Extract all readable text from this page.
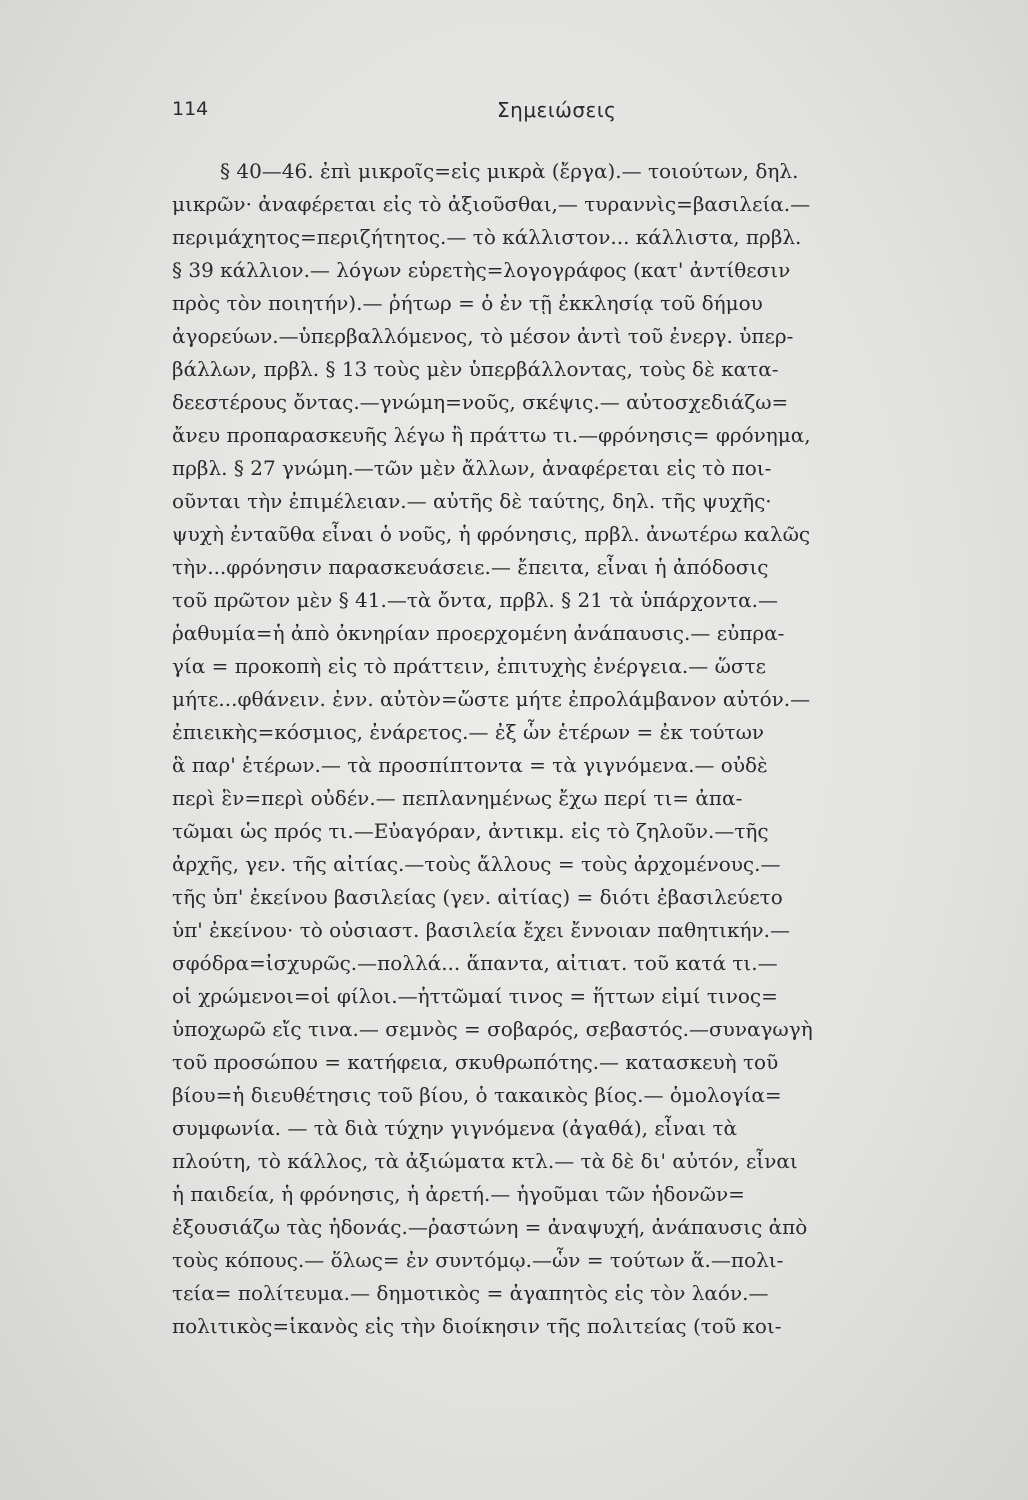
114	Σημειώσεις
§ 40—46. ἐπὶ μικροῖς=εἰς μικρὰ (ἔργα).— τοιούτων, δηλ.
μικρῶν· ἀναφέρεται εἰς τὸ ἀξιοῦσθαι,— τυραννὶς=βασιλεία.—
περιμάχητος=περιζήτητος.— τὸ κάλλιστον... κάλλιστα, πρβλ.
§ 39 κάλλιον.— λόγων εὑρετὴς=λογογράφος (κατ' ἀντίθεσιν
πρὸς τὸν ποιητήν).— ῥήτωρ = ὁ ἐν τῇ ἐκκλησίᾳ τοῦ δήμου
ἀγορεύων.—ὑπερβαλλόμενος, τὸ μέσον ἀντὶ τοῦ ἐνεργ. ὑπερ-
βάλλων, πρβλ. § 13 τοὺς μὲν ὑπερβάλλοντας, τοὺς δὲ κατα-
δεεστέρους ὄντας.—γνώμη=νοῦς, σκέψις.— αὐτοσχεδιάζω=
ἄνευ προπαρασκευῆς λέγω ἢ πράττω τι.—φρόνησις= φρόνημα,
πρβλ. § 27 γνώμη.—τῶν μὲν ἄλλων, ἀναφέρεται εἰς τὸ ποι-
οῦνται τὴν ἐπιμέλειαν.— αὐτῆς δὲ ταύτης, δηλ. τῆς ψυχῆς·
ψυχὴ ἐνταῦθα εἶναι ὁ νοῦς, ἡ φρόνησις, πρβλ. ἀνωτέρω καλῶς
τὴν...φρόνησιν παρασκευάσειε.— ἔπειτα, εἶναι ἡ ἀπόδοσις
τοῦ πρῶτον μὲν § 41.—τὰ ὄντα, πρβλ. § 21 τὰ ὑπάρχοντα.—
ῥαθυμία=ἡ ἀπὸ ὀκνηρίαν προερχομένη ἀνάπαυσις.— εὐπρα-
γία = προκοπὴ εἰς τὸ πράττειν, ἐπιτυχὴς ἐνέργεια.— ὥστε
μήτε...φθάνειν. ἐνν. αὐτὸν=ὥστε μήτε ἐπρολάμβανον αὐτόν.—
ἐπιεικὴς=κόσμιος, ἐνάρετος.— ἐξ ὧν ἑτέρων = ἐκ τούτων
ἃ παρ' ἑτέρων.— τὰ προσπίπτοντα = τὰ γιγνόμενα.— οὐδὲ
περὶ ἓν=περὶ οὐδέν.— πεπλανημένως ἔχω περί τι= ἀπα-
τῶμαι ὡς πρός τι.—Εὐαγόραν, ἀντικμ. εἰς τὸ ζηλοῦν.—τῆς
ἀρχῆς, γεν. τῆς αἰτίας.—τοὺς ἄλλους = τοὺς ἀρχομένους.—
τῆς ὑπ' ἐκείνου βασιλείας (γεν. αἰτίας) = διότι ἐβασιλεύετο
ὑπ' ἐκείνου· τὸ οὐσιαστ. βασιλεία ἔχει ἔννοιαν παθητικήν.—
σφόδρα=ἰσχυρῶς.—πολλά... ἅπαντα, αἰτιατ. τοῦ κατά τι.—
οἱ χρώμενοι=οἱ φίλοι.—ἡττῶμαί τινος = ἥττων εἰμί τινος=
ὑποχωρῶ εἴς τινα.— σεμνὸς = σοβαρός, σεβαστός.—συναγωγὴ
τοῦ προσώπου = κατήφεια, σκυθρωπότης.— κατασκευὴ τοῦ
βίου=ἡ διευθέτησις τοῦ βίου, ὁ τακαικὸς βίος.— ὁμολογία=
συμφωνία. — τὰ διὰ τύχην γιγνόμενα (ἀγαθά), εἶναι τὰ
πλούτη, τὸ κάλλος, τὰ ἀξιώματα κτλ.— τὰ δὲ δι' αὐτόν, εἶναι
ἡ παιδεία, ἡ φρόνησις, ἡ ἀρετή.— ἡγοῦμαι τῶν ἡδονῶν=
ἐξουσιάζω τὰς ἡδονάς.—ῥαστώνη = ἀναψυχή, ἀνάπαυσις ἀπὸ
τοὺς κόπους.— ὅλως= ἐν συντόμῳ.—ὧν = τούτων ἅ.—πολι-
τεία= πολίτευμα.— δημοτικὸς = ἀγαπητὸς εἰς τὸν λαόν.—
πολιτικὸς=ἱκανὸς εἰς τὴν διοίκησιν τῆς πολιτείας (τοῦ κοι-
